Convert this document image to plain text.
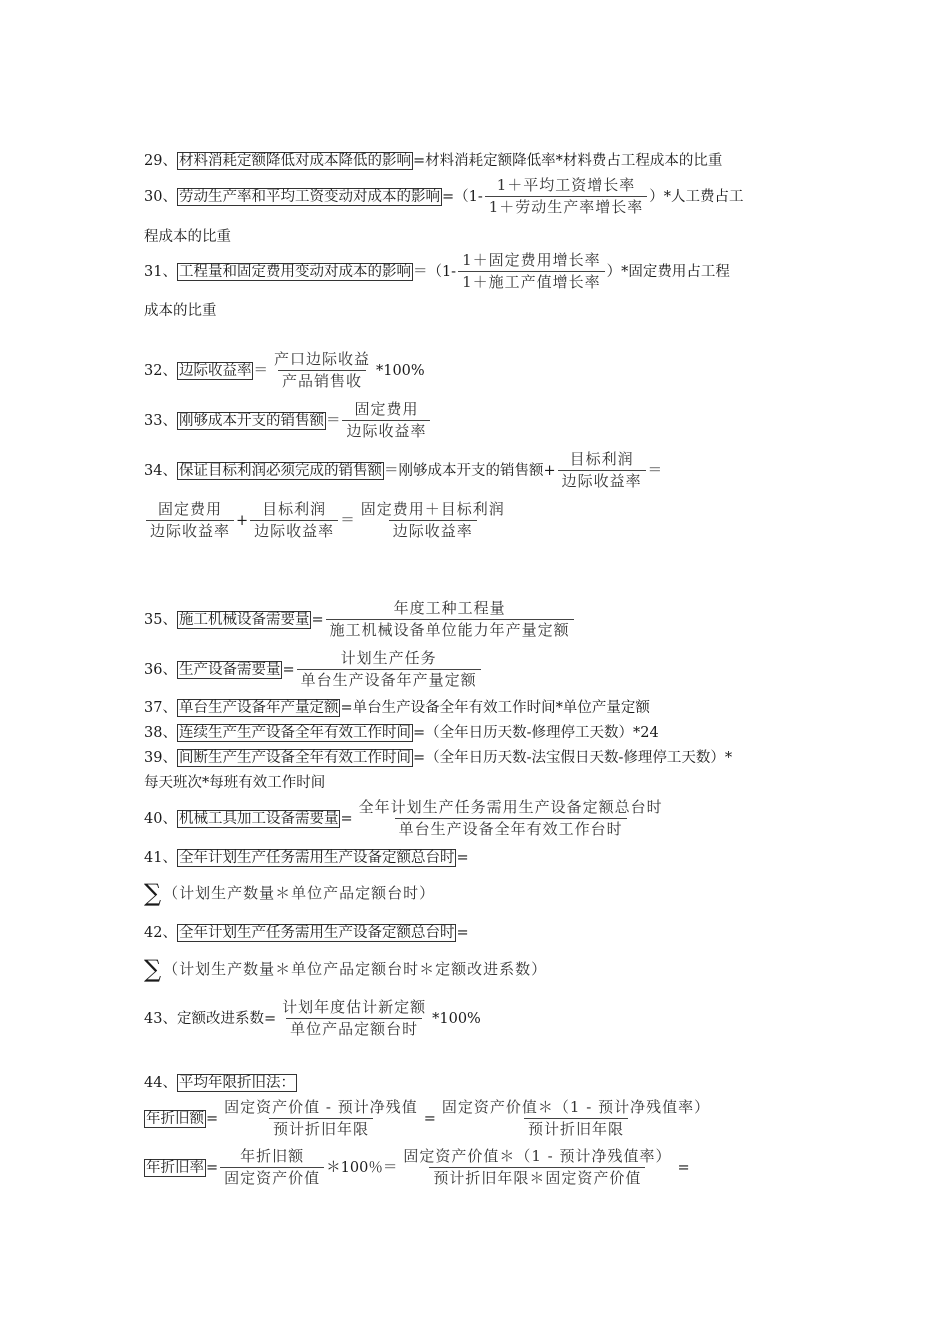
29、 材料消耗定额降低对成本降低的影响 =材料消耗定额降低率*材料费占工程成本的比重
30、 劳动生产率和平均工资变动对成本的影响 $=(1- \frac{\text{1＋平均工资增长率}}{\text{1＋劳动生产率增长率}}$ ）*人工费占工
程成本的比重
31、 工程量和固定费用变动对成本的影响 $=(1- \frac{\text{1＋固定费用增长率}}{\text{1＋施工产值增长率}}$ ）*固定费用占工程
成本的比重
32、 边际收益率 ＝ $\frac{\text{产口边际收益}}{\text{产品销售收}} *100\%$
33、 刚够成本开支的销售额 ＝ $\frac{\text{固定费用}}{\text{边际收益率}}$
34、 保证目标利润必须完成的销售额 ＝刚够成本开支的销售额+ $\frac{\text{目标利润}}{\text{边际收益率}}$ ＝
$\frac{\text{固定费用}}{\text{边际收益率}} + \frac{\text{目标利润}}{\text{边际收益率}} = \frac{\text{固定费用＋目标利润}}{\text{边际收益率}}$
35、 施工机械设备需要量 = $\frac{\text{年度工种工程量}}{\text{施工机械设备单位能力年产量定额}}$
36、 生产设备需要量 = $\frac{\text{计划生产任务}}{\text{单台生产设备年产量定额}}$
37、 单台生产设备年产量定额 =单台生产设备全年有效工作时间*单位产量定额
38、 连续生产生产设备全年有效工作时间 =（全年日历天数-修理停工天数）*24
39、 间断生产生产设备全年有效工作时间 =（全年日历天数-法宝假日天数-修理停工天数）*
每天班次*每班有效工作时间
40、 机械工具加工设备需要量 = $\frac{\text{全年计划生产任务需用生产设备定额总台时}}{\text{单台生产设备全年有效工作台时}}$
41、 全年计划生产任务需用生产设备定额总台时 =
∑ （计划生产数量＊单位产品定额台时）
42、 全年计划生产任务需用生产设备定额总台时 =
∑ （计划生产数量＊单位产品定额台时＊定额改进系数）
43、 定额改进系数= $\frac{\text{计划年度估计新定额}}{\text{单位产品定额台时}} *100\%$
44、 平均年限折旧法：
年折旧额 = $\frac{\text{固定资产价值 - 预计净残值}}{\text{预计折旧年限}} = \frac{\text{固定资产价值＊（1 - 预计净残值率）}}{\text{预计折旧年限}}$
年折旧率 = $\frac{\text{年折旧额}}{\text{固定资产价值}}$ ＊100％＝ $\frac{\text{固定资产价值＊（1 - 预计净残值率）}}{\text{预计折旧年限＊固定资产价值}}$ =
